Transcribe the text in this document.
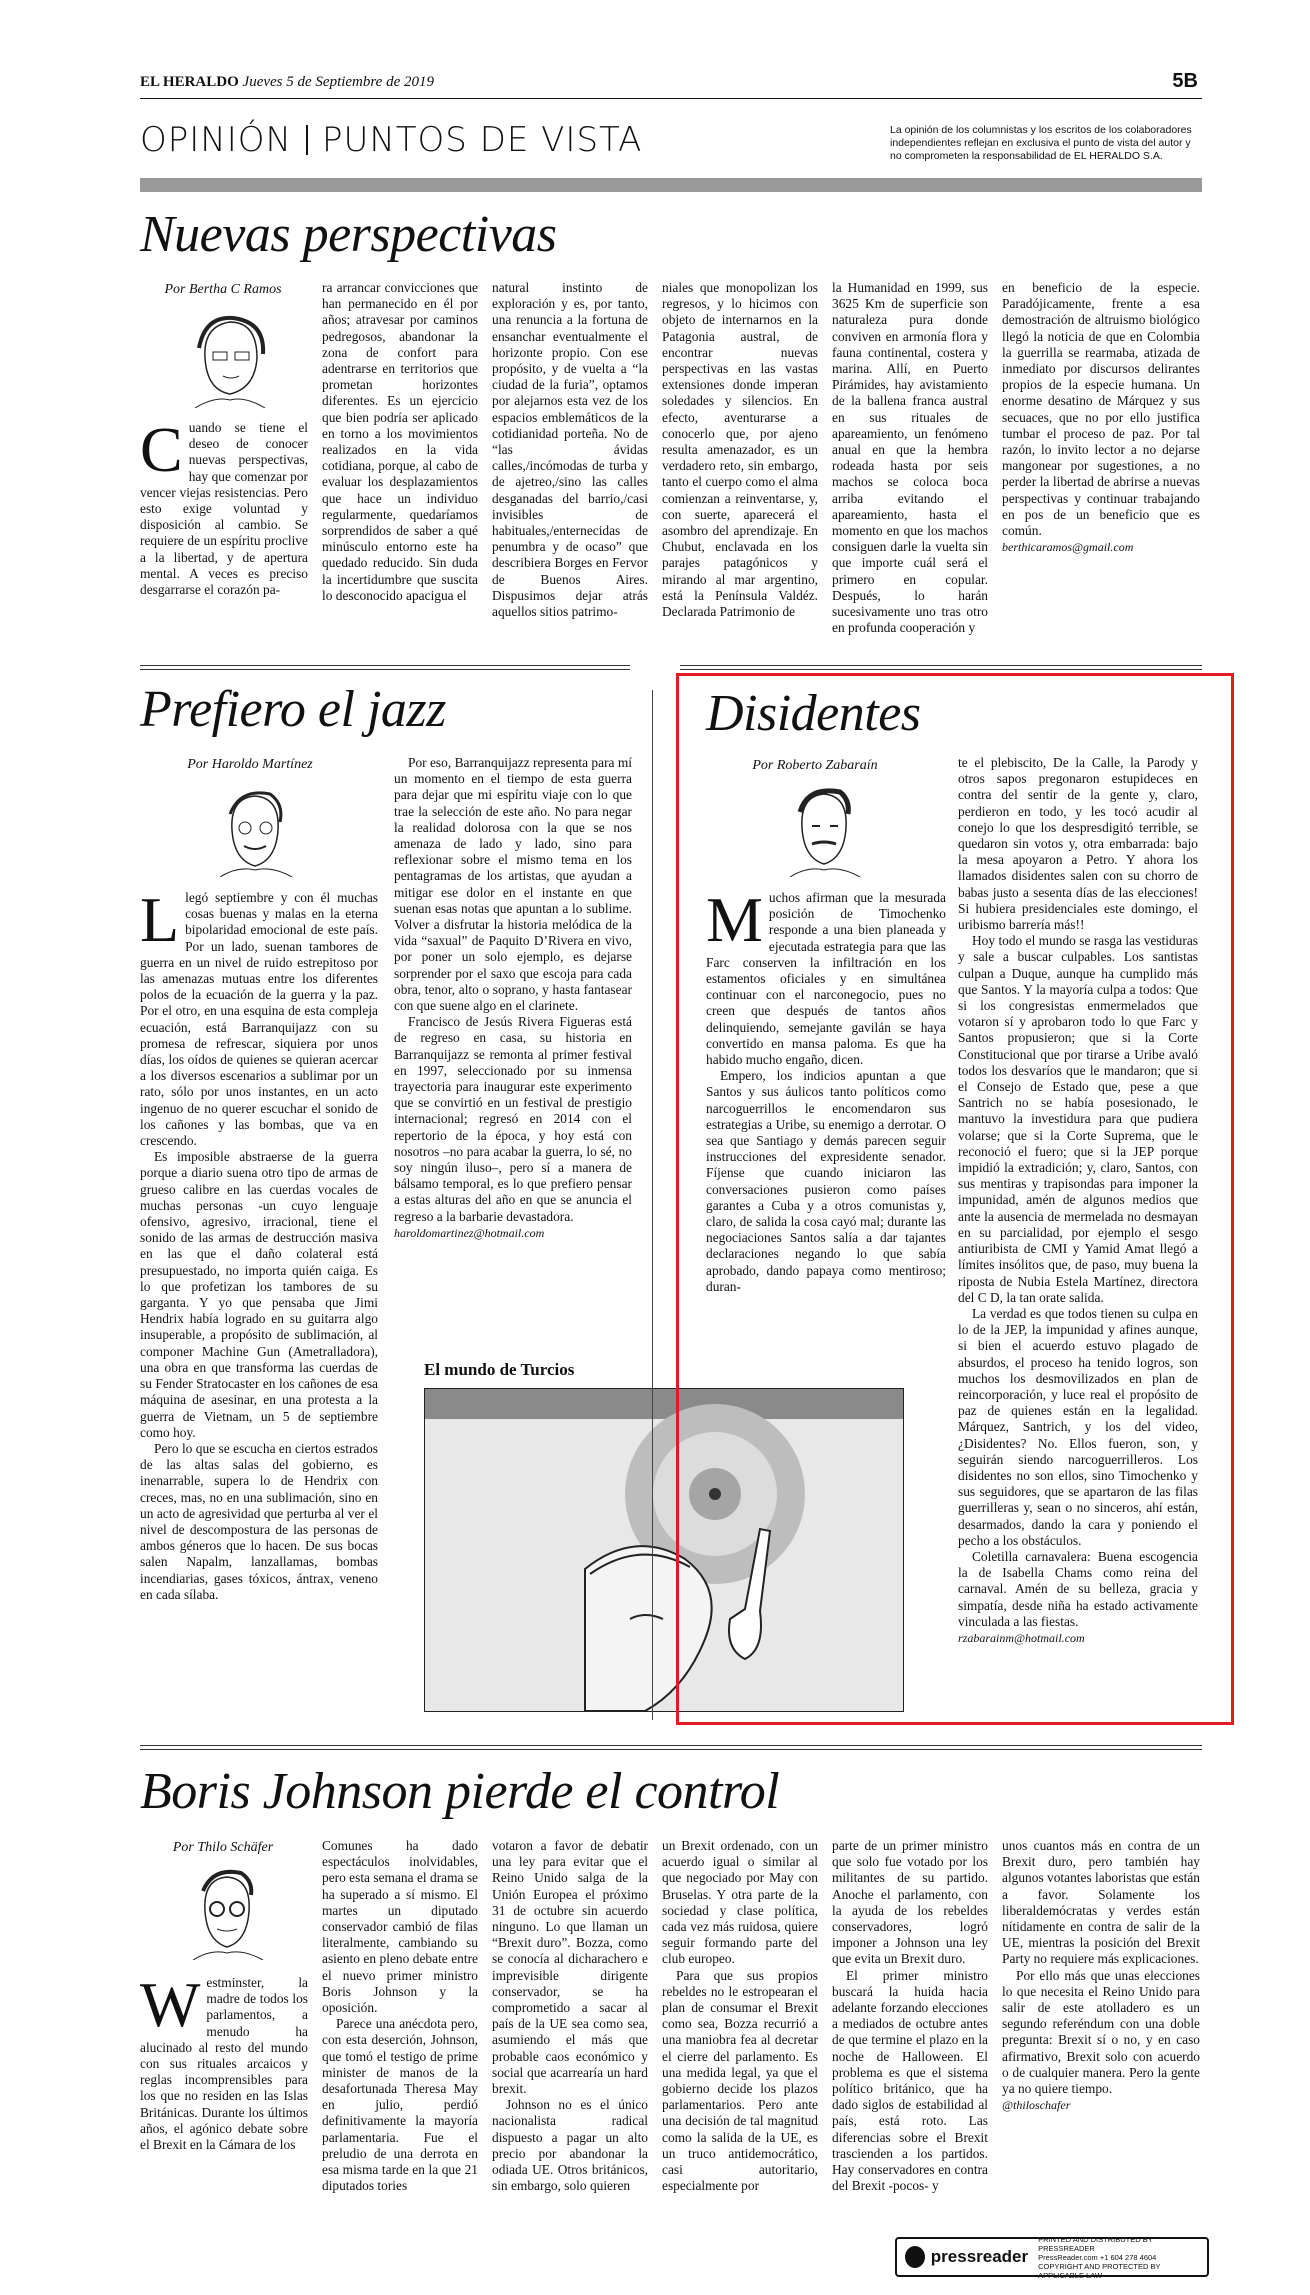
EL HERALDO Jueves 5 de Septiembre de 2019	5B
OPINIÓN PUNTOS DE VISTA	La opinión de los columnistas y los escritos de los colaboradores independientes reflejan en exclusiva el punto de vista del autor y no comprometen la responsabilidad de EL HERALDO S.A.
Nuevas perspectivas
Por Bertha C Ramos

Cuando se tiene el deseo de conocer nuevas perspectivas, hay que comenzar por vencer viejas resistencias. Pero esto exige voluntad y disposición al cambio. Se requiere de un espíritu proclive a la libertad, y de apertura mental. A veces es preciso desgarrarse el corazón pa-

ra arrancar convicciones que han permanecido en él por años; atravesar por caminos pedregosos, abandonar la zona de confort para adentrarse en territorios que prometan horizontes diferentes. Es un ejercicio que bien podría ser aplicado en torno a los movimientos realizados en la vida cotidiana, porque, al cabo de evaluar los desplazamientos que hace un individuo regularmente, quedaríamos sorprendidos de saber a qué minúsculo entorno este ha quedado reducido. Sin duda la incertidumbre que suscita lo desconocido apacigua el

natural instinto de exploración y es, por tanto, una renuncia a la fortuna de ensanchar eventualmente el horizonte propio. Con ese propósito, y de vuelta a “la ciudad de la furia”, optamos por alejarnos esta vez de los espacios emblemáticos de la cotidianidad porteña. No de “las ávidas calles,/incómodas de turba y de ajetreo,/sino las calles desganadas del barrio,/casi invisibles de habituales,/enternecidas de penumbra y de ocaso” que describiera Borges en Fervor de Buenos Aires. Dispusimos dejar atrás aquellos sitios patrimo-

niales que monopolizan los regresos, y lo hicimos con objeto de internarnos en la Patagonia austral, de encontrar nuevas perspectivas en las vastas extensiones donde imperan soledades y silencios. En efecto, aventurarse a conocerlo que, por ajeno resulta amenazador, es un verdadero reto, sin embargo, tanto el cuerpo como el alma comienzan a reinventarse, y, con suerte, aparecerá el asombro del aprendizaje. En Chubut, enclavada en los parajes patagónicos y mirando al mar argentino, está la Península Valdéz. Declarada Patrimonio de

la Humanidad en 1999, sus 3625 Km de superficie son naturaleza pura donde conviven en armonía flora y fauna continental, costera y marina. Allí, en Puerto Pirámides, hay avistamiento de la ballena franca austral en sus rituales de apareamiento, un fenómeno anual en que la hembra rodeada hasta por seis machos se coloca boca arriba evitando el apareamiento, hasta el momento en que los machos consiguen darle la vuelta sin que importe cuál será el primero en copular. Después, lo harán sucesivamente uno tras otro en profunda cooperación y

en beneficio de la especie. Paradójicamente, frente a esa demostración de altruismo biológico llegó la noticia de que en Colombia la guerrilla se rearmaba, atizada de inmediato por discursos delirantes propios de la especie humana. Un enorme desatino de Márquez y sus secuaces, que no por ello justifica tumbar el proceso de paz. Por tal razón, lo invito lector a no dejarse mangonear por sugestiones, a no perder la libertad de abrirse a nuevas perspectivas y continuar trabajando en pos de un beneficio que es común.

berthicaramos@gmail.com
Prefiero el jazz
Por Haroldo Martínez

Llegó septiembre y con él muchas cosas buenas y malas en la eterna bipolaridad emocional de este país. Por un lado, suenan tambores de guerra en un nivel de ruido estrepitoso por las amenazas mutuas entre los diferentes polos de la ecuación de la guerra y la paz. Por el otro, en una esquina de esta compleja ecuación, está Barranquijazz con su promesa de refrescar, siquiera por unos días, los oídos de quienes se quieran acercar a los diversos escenarios a sublimar por un rato, sólo por unos instantes, en un acto ingenuo de no querer escuchar el sonido de los cañones y las bombas, que va en crescendo.

Es imposible abstraerse de la guerra porque a diario suena otro tipo de armas de grueso calibre en las cuerdas vocales de muchas personas -un cuyo lenguaje ofensivo, agresivo, irracional, tiene el sonido de las armas de destrucción masiva en las que el daño colateral está presupuestado, no importa quién caiga. Es lo que profetizan los tambores de su garganta. Y yo que pensaba que Jimi Hendrix había logrado en su guitarra algo insuperable, a propósito de sublimación, al componer Machine Gun (Ametralladora), una obra en que transforma las cuerdas de su Fender Stratocaster en los cañones de esa máquina de asesinar, en una protesta a la guerra de Vietnam, un 5 de septiembre como hoy.

Pero lo que se escucha en ciertos estrados de las altas salas del gobierno, es inenarrable, supera lo de Hendrix con creces, mas, no en una sublimación, sino en un acto de agresividad que perturba al ver el nivel de descompostura de las personas de ambos géneros que lo hacen. De sus bocas salen Napalm, lanzallamas, bombas incendiarias, gases tóxicos, ántrax, veneno en cada sílaba.

Por eso, Barranquijazz representa para mí un momento en el tiempo de esta guerra para dejar que mi espíritu viaje con lo que trae la selección de este año. No para negar la realidad dolorosa con la que se nos amenaza de lado y lado, sino para reflexionar sobre el mismo tema en los pentagramas de los artistas, que ayudan a mitigar ese dolor en el instante en que suenan esas notas que apuntan a lo sublime. Volver a disfrutar la historia melódica de la vida “saxual” de Paquito D’Rivera en vivo, por poner un solo ejemplo, es dejarse sorprender por el saxo que escoja para cada obra, tenor, alto o soprano, y hasta fantasear con que suene algo en el clarinete.

Francisco de Jesús Rivera Figueras está de regreso en casa, su historia en Barranquijazz se remonta al primer festival en 1997, seleccionado por su inmensa trayectoria para inaugurar este experimento que se convirtió en un festival de prestigio internacional; regresó en 2014 con el repertorio de la época, y hoy está con nosotros –no para acabar la guerra, lo sé, no soy ningún iluso–, pero sí a manera de bálsamo temporal, es lo que prefiero pensar a estas alturas del año en que se anuncia el regreso a la barbarie devastadora.

haroldomartinez@hotmail.com
El mundo de Turcios
Disidentes
Por Roberto Zabaraín

Muchos afirman que la mesurada posición de Timochenko responde a una bien planeada y ejecutada estrategia para que las Farc conserven la infiltración en los estamentos oficiales y en simultánea continuar con el narconegocio, pues no creen que después de tantos años delinquiendo, semejante gavilán se haya convertido en mansa paloma. Es que ha habido mucho engaño, dicen.

Empero, los indicios apuntan a que Santos y sus áulicos tanto políticos como narcoguerrillos le encomendaron sus estrategias a Uribe, su enemigo a derrotar. O sea que Santiago y demás parecen seguir instrucciones del expresidente senador. Fíjense que cuando iniciaron las conversaciones pusieron como países garantes a Cuba y a otros comunistas y, claro, de salida la cosa cayó mal; durante las negociaciones Santos salía a dar tajantes declaraciones negando lo que sabía aprobado, dando papaya como mentiroso; duran-

te el plebiscito, De la Calle, la Parody y otros sapos pregonaron estupideces en contra del sentir de la gente y, claro, perdieron en todo, y les tocó acudir al conejo lo que los despresdigitó terrible, se quedaron sin votos y, otra embarrada: bajo la mesa apoyaron a Petro. Y ahora los llamados disidentes salen con su chorro de babas justo a sesenta días de las elecciones! Si hubiera presidenciales este domingo, el uribismo barrería más!!

Hoy todo el mundo se rasga las vestiduras y sale a buscar culpables. Los santistas culpan a Duque, aunque ha cumplido más que Santos. Y la mayoría culpa a todos: Que si los congresistas enmermelados que votaron sí y aprobaron todo lo que Farc y Santos propusieron; que si la Corte Constitucional que por tirarse a Uribe avaló todos los desvaríos que le mandaron; que si el Consejo de Estado que, pese a que Santrich no se había posesionado, le mantuvo la investidura para que pudiera volarse; que si la Corte Suprema, que le reconoció el fuero; que si la JEP porque impidió la extradición; y, claro, Santos, con sus mentiras y trapisondas para imponer la impunidad, amén de algunos medios que ante la ausencia de mermelada no desmayan en su parcialidad, por ejemplo el sesgo antiuribista de CMI y Yamid Amat llegó a límites insólitos que, de paso, muy buena la riposta de Nubia Estela Martínez, directora del C D, la tan orate salida.

La verdad es que todos tienen su culpa en lo de la JEP, la impunidad y afines aunque, si bien el acuerdo estuvo plagado de absurdos, el proceso ha tenido logros, son muchos los desmovilizados en plan de reincorporación, y luce real el propósito de paz de quienes están en la legalidad. Márquez, Santrich, y los del video, ¿Disidentes? No. Ellos fueron, son, y seguirán siendo narcoguerrilleros. Los disidentes no son ellos, sino Timochenko y sus seguidores, que se apartaron de las filas guerrilleras y, sean o no sinceros, ahí están, desarmados, dando la cara y poniendo el pecho a los obstáculos.

Coletilla carnavalera: Buena escogencia la de Isabella Chams como reina del carnaval. Amén de su belleza, gracia y simpatía, desde niña ha estado activamente vinculada a las fiestas.

rzabarainm@hotmail.com
Boris Johnson pierde el control
Por Thilo Schäfer

Westminster, la madre de todos los parlamentos, a menudo ha alucinado al resto del mundo con sus rituales arcaicos y reglas incomprensibles para los que no residen en las Islas Británicas. Durante los últimos años, el agónico debate sobre el Brexit en la Cámara de los

Comunes ha dado espectáculos inolvidables, pero esta semana el drama se ha superado a sí mismo. El martes un diputado conservador cambió de filas literalmente, cambiando su asiento en pleno debate entre el nuevo primer ministro Boris Johnson y la oposición.

Parece una anécdota pero, con esta deserción, Johnson, que tomó el testigo de prime minister de manos de la desafortunada Theresa May en julio, perdió definitivamente la mayoría parlamentaria. Fue el preludio de una derrota en esa misma tarde en la que 21 diputados tories

votaron a favor de debatir una ley para evitar que el Reino Unido salga de la Unión Europea el próximo 31 de octubre sin acuerdo ninguno. Lo que llaman un “Brexit duro”. Bozza, como se conocía al dicharachero e imprevisible dirigente conservador, se ha comprometido a sacar al país de la UE sea como sea, asumiendo el más que probable caos económico y social que acarrearía un hard brexit.

Johnson no es el único nacionalista radical dispuesto a pagar un alto precio por abandonar la odiada UE. Otros británicos, sin embargo, solo quieren

un Brexit ordenado, con un acuerdo igual o similar al que negociado por May con Bruselas. Y otra parte de la sociedad y clase política, cada vez más ruidosa, quiere seguir formando parte del club europeo.

Para que sus propios rebeldes no le estropearan el plan de consumar el Brexit como sea, Bozza recurrió a una maniobra fea al decretar el cierre del parlamento. Es una medida legal, ya que el gobierno decide los plazos parlamentarios. Pero ante una decisión de tal magnitud como la salida de la UE, es un truco antidemocrático, casi autoritario, especialmente por

parte de un primer ministro que solo fue votado por los militantes de su partido. Anoche el parlamento, con la ayuda de los rebeldes conservadores, logró imponer a Johnson una ley que evita un Brexit duro.

El primer ministro buscará la huida hacia adelante forzando elecciones a mediados de octubre antes de que termine el plazo en la noche de Halloween. El problema es que el sistema político británico, que ha dado siglos de estabilidad al país, está roto. Las diferencias sobre el Brexit trascienden a los partidos. Hay conservadores en contra del Brexit -pocos- y

unos cuantos más en contra de un Brexit duro, pero también hay algunos votantes laboristas que están a favor. Solamente los liberaldemócratas y verdes están nítidamente en contra de salir de la UE, mientras la posición del Brexit Party no requiere más explicaciones.

Por ello más que unas elecciones lo que necesita el Reino Unido para salir de este atolladero es un segundo referéndum con una doble pregunta: Brexit sí o no, y en caso afirmativo, Brexit solo con acuerdo o de cualquier manera. Pero la gente ya no quiere tiempo.

@thiloschafer
pressreader
PRINTED AND DISTRIBUTED BY PRESSREADER
PressReader.com +1 604 278 4604
COPYRIGHT AND PROTECTED BY APPLICABLE LAW
